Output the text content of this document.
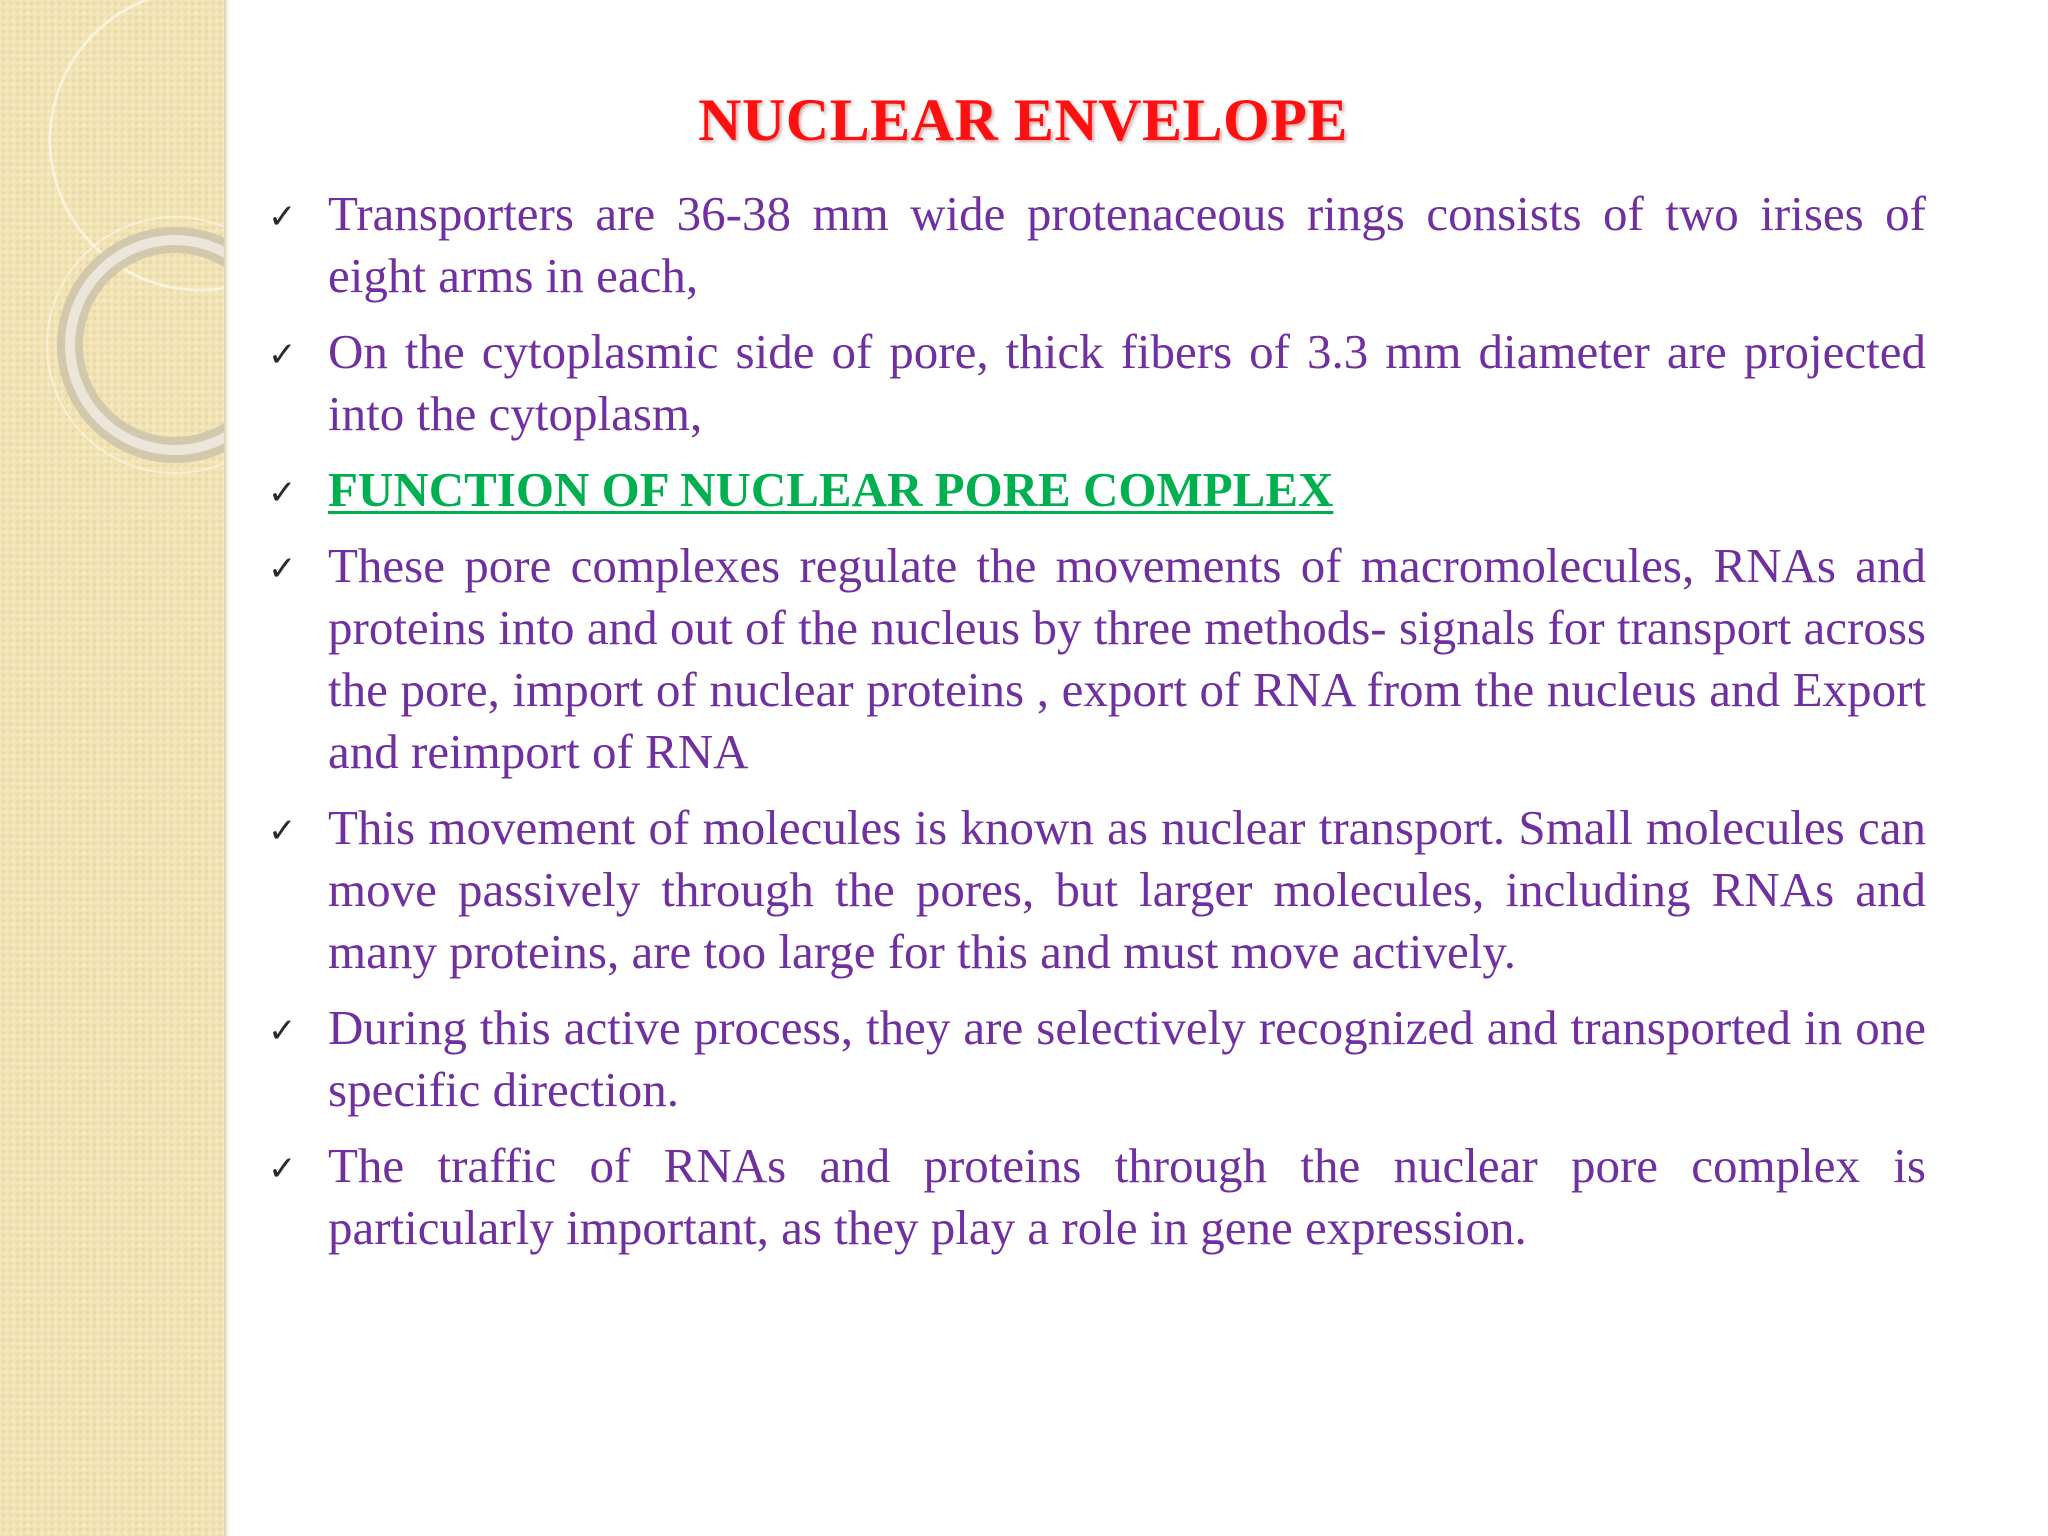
NUCLEAR ENVELOPE
✓ Transporters are 36-38 mm wide protenaceous rings consists of two irises of eight arms in each,
✓ On the cytoplasmic side of pore, thick fibers of 3.3 mm diameter are projected into the cytoplasm,
✓ FUNCTION OF NUCLEAR PORE COMPLEX
✓ These pore complexes regulate the movements of macromolecules, RNAs and proteins into and out of the nucleus by three methods- signals for transport across the pore, import of nuclear proteins , export of RNA from the nucleus and Export and reimport of RNA
✓ This movement of molecules is known as nuclear transport. Small molecules can move passively through the pores, but larger molecules, including RNAs and many proteins, are too large for this and must move actively.
✓ During this active process, they are selectively recognized and transported in one specific direction.
✓ The traffic of RNAs and proteins through the nuclear pore complex is particularly important, as they play a role in gene expression.
